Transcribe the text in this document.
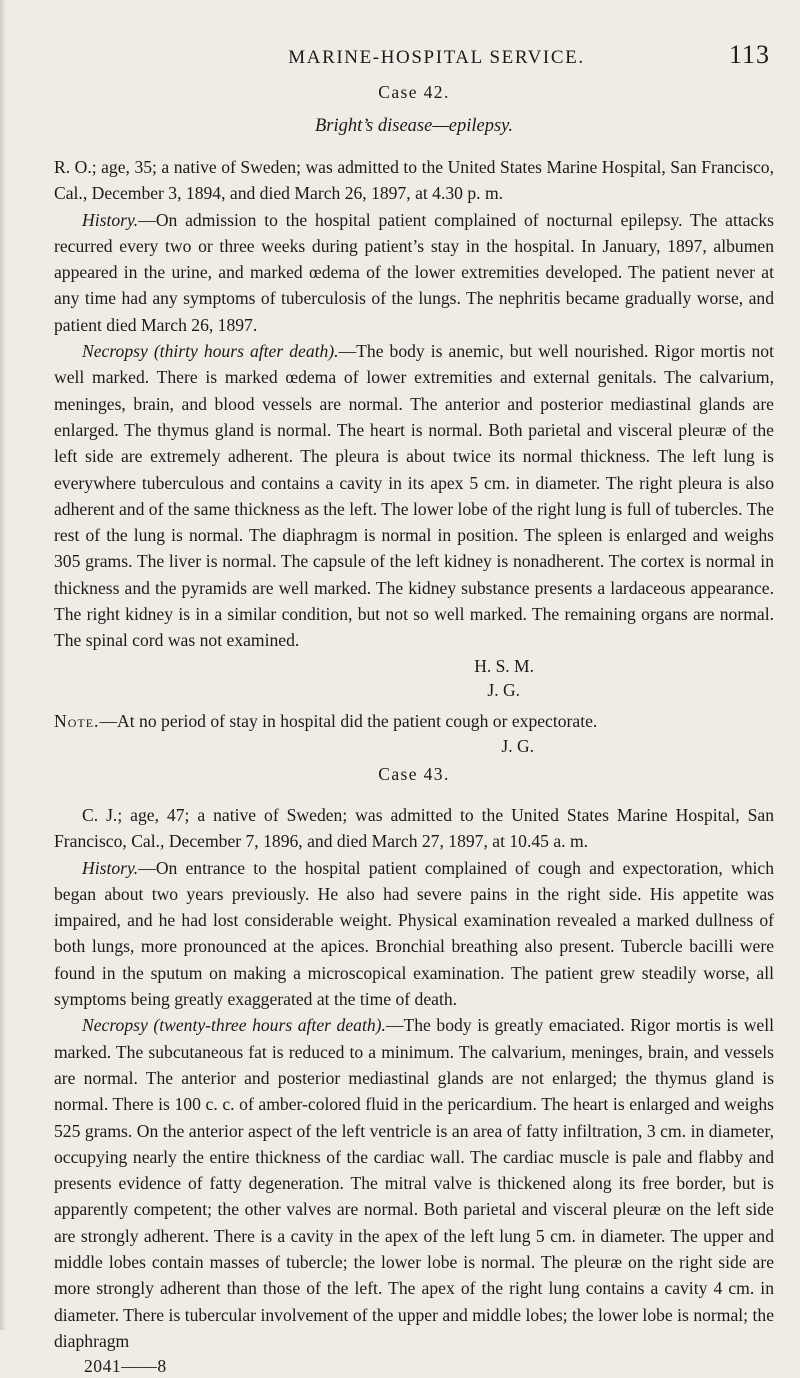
MARINE-HOSPITAL SERVICE.	113
Case 42.
Bright’s disease—epilepsy.

R. O.; age, 35; a native of Sweden; was admitted to the United States Marine Hospital, San Francisco, Cal., December 3, 1894, and died March 26, 1897, at 4.30 p. m.

History.—On admission to the hospital patient complained of nocturnal epilepsy. The attacks recurred every two or three weeks during patient’s stay in the hospital. In January, 1897, albumen appeared in the urine, and marked œdema of the lower extremities developed. The patient never at any time had any symptoms of tuberculosis of the lungs. The nephritis became gradually worse, and patient died March 26, 1897.

Necropsy (thirty hours after death).—The body is anemic, but well nourished. Rigor mortis not well marked. There is marked œdema of lower extremities and external genitals. The calvarium, meninges, brain, and blood vessels are normal. The anterior and posterior mediastinal glands are enlarged. The thymus gland is normal. The heart is normal. Both parietal and visceral pleuræ of the left side are extremely adherent. The pleura is about twice its normal thickness. The left lung is everywhere tuberculous and contains a cavity in its apex 5 cm. in diameter. The right pleura is also adherent and of the same thickness as the left. The lower lobe of the right lung is full of tubercles. The rest of the lung is normal. The diaphragm is normal in position. The spleen is enlarged and weighs 305 grams. The liver is normal. The capsule of the left kidney is nonadherent. The cortex is normal in thickness and the pyramids are well marked. The kidney substance presents a lardaceous appearance. The right kidney is in a similar condition, but not so well marked. The remaining organs are normal. The spinal cord was not examined.

H. S. M.
J. G.

Note.—At no period of stay in hospital did the patient cough or expectorate.

J. G.
Case 43.

C. J.; age, 47; a native of Sweden; was admitted to the United States Marine Hospital, San Francisco, Cal., December 7, 1896, and died March 27, 1897, at 10.45 a. m.

History.—On entrance to the hospital patient complained of cough and expectoration, which began about two years previously. He also had severe pains in the right side. His appetite was impaired, and he had lost considerable weight. Physical examination revealed a marked dullness of both lungs, more pronounced at the apices. Bronchial breathing also present. Tubercle bacilli were found in the sputum on making a microscopical examination. The patient grew steadily worse, all symptoms being greatly exaggerated at the time of death.

Necropsy (twenty-three hours after death).—The body is greatly emaciated. Rigor mortis is well marked. The subcutaneous fat is reduced to a minimum. The calvarium, meninges, brain, and vessels are normal. The anterior and posterior mediastinal glands are not enlarged; the thymus gland is normal. There is 100 c. c. of amber-colored fluid in the pericardium. The heart is enlarged and weighs 525 grams. On the anterior aspect of the left ventricle is an area of fatty infiltration, 3 cm. in diameter, occupying nearly the entire thickness of the cardiac wall. The cardiac muscle is pale and flabby and presents evidence of fatty degeneration. The mitral valve is thickened along its free border, but is apparently competent; the other valves are normal. Both parietal and visceral pleuræ on the left side are strongly adherent. There is a cavity in the apex of the left lung 5 cm. in diameter. The upper and middle lobes contain masses of tubercle; the lower lobe is normal. The pleuræ on the right side are more strongly adherent than those of the left. The apex of the right lung contains a cavity 4 cm. in diameter. There is tubercular involvement of the upper and middle lobes; the lower lobe is normal; the diaphragm

2041——8
